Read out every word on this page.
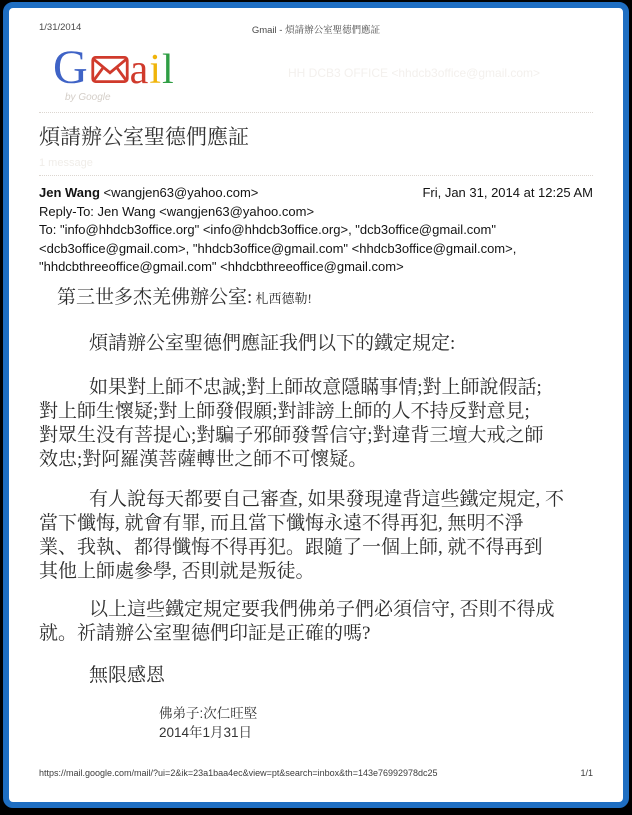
1/31/2014	Gmail - 煩請辦公室聖德們應証
G ail
by Google
HH DCB3 OFFICE <hhdcb3office@gmail.com>
煩請辦公室聖德們應証
1 message
Jen Wang <wangjen63@yahoo.com>	Fri, Jan 31, 2014 at 12:25 AM
Reply-To: Jen Wang <wangjen63@yahoo.com>
To: "info@hhdcb3office.org" <info@hhdcb3office.org>, "dcb3office@gmail.com"
<dcb3office@gmail.com>, "hhdcb3office@gmail.com" <hhdcb3office@gmail.com>,
"hhdcbthreeoffice@gmail.com" <hhdcbthreeoffice@gmail.com>
第三世多杰羌佛辦公室: 札西德勒!
煩請辦公室聖德們應証我們以下的鐵定規定:
如果對上師不忠誠;對上師故意隱瞞事情;對上師說假話;
對上師生懷疑;對上師發假願;對誹謗上師的人不持反對意見;
對眾生没有菩提心;對騙子邪師發誓信守;對違背三壇大戒之師
效忠;對阿羅漢菩薩轉世之師不可懷疑。
有人說每天都要自己審查, 如果發現違背這些鐵定規定, 不
當下懺悔, 就會有罪, 而且當下懺悔永遠不得再犯, 無明不淨
業、我執、都得懺悔不得再犯。跟隨了一個上師, 就不得再到
其他上師處參學, 否則就是叛徒。
以上這些鐵定規定要我們佛弟子們必須信守, 否則不得成
就。祈請辦公室聖德們印証是正確的嗎?
無限感恩
佛弟子:次仁旺堅
2014年1月31日
https://mail.google.com/mail/?ui=2&ik=23a1baa4ec&view=pt&search=inbox&th=143e76992978dc25	1/1
